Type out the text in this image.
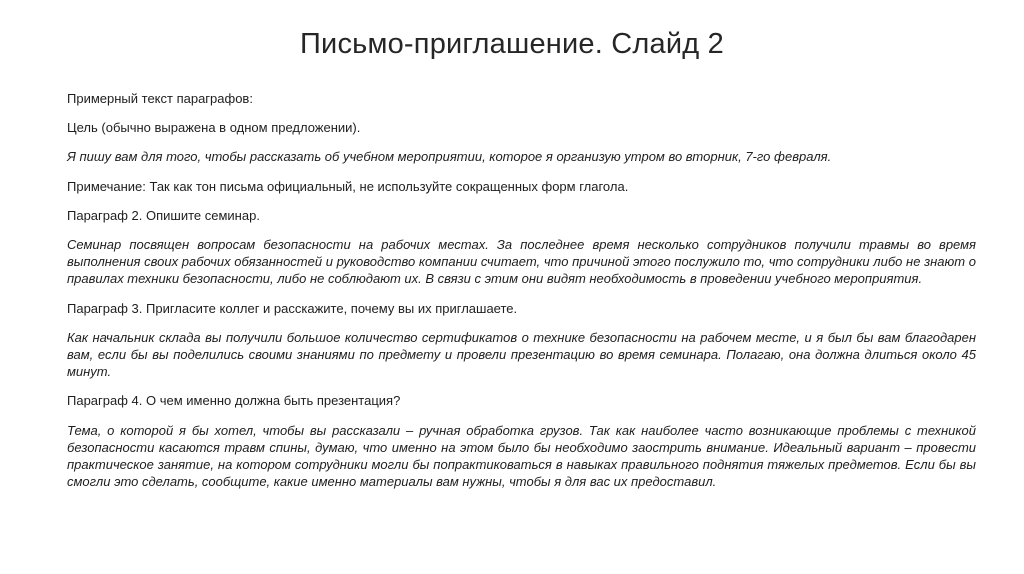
Письмо-приглашение. Слайд 2

Примерный текст параграфов:

Цель (обычно выражена в одном предложении).

Я пишу вам для того, чтобы рассказать об учебном мероприятии, которое я организую утром во вторник, 7-го февраля.

Примечание: Так как тон письма официальный, не используйте сокращенных форм глагола.

Параграф 2. Опишите семинар.

Семинар посвящен вопросам безопасности на рабочих местах. За последнее время несколько сотрудников получили травмы во время выполнения своих рабочих обязанностей и руководство компании считает, что причиной этого послужило то, что сотрудники либо не знают о правилах техники безопасности, либо не соблюдают их. В связи с этим они видят необходимость в проведении учебного мероприятия.

Параграф 3. Пригласите коллег и расскажите, почему вы их приглашаете.

Как начальник склада вы получили большое количество сертификатов о технике безопасности на рабочем месте, и я был бы вам благодарен вам, если бы вы поделились своими знаниями по предмету и провели презентацию во время семинара. Полагаю, она должна длиться около 45 минут.

Параграф 4. О чем именно должна быть презентация?

Тема, о которой я бы хотел, чтобы вы рассказали – ручная обработка грузов. Так как наиболее часто возникающие проблемы с техникой безопасности касаются травм спины, думаю, что именно на этом было бы необходимо заострить внимание. Идеальный вариант – провести практическое занятие, на котором сотрудники могли бы попрактиковаться в навыках правильного поднятия тяжелых предметов. Если бы вы смогли это сделать, сообщите, какие именно материалы вам нужны, чтобы я для вас их предоставил.
